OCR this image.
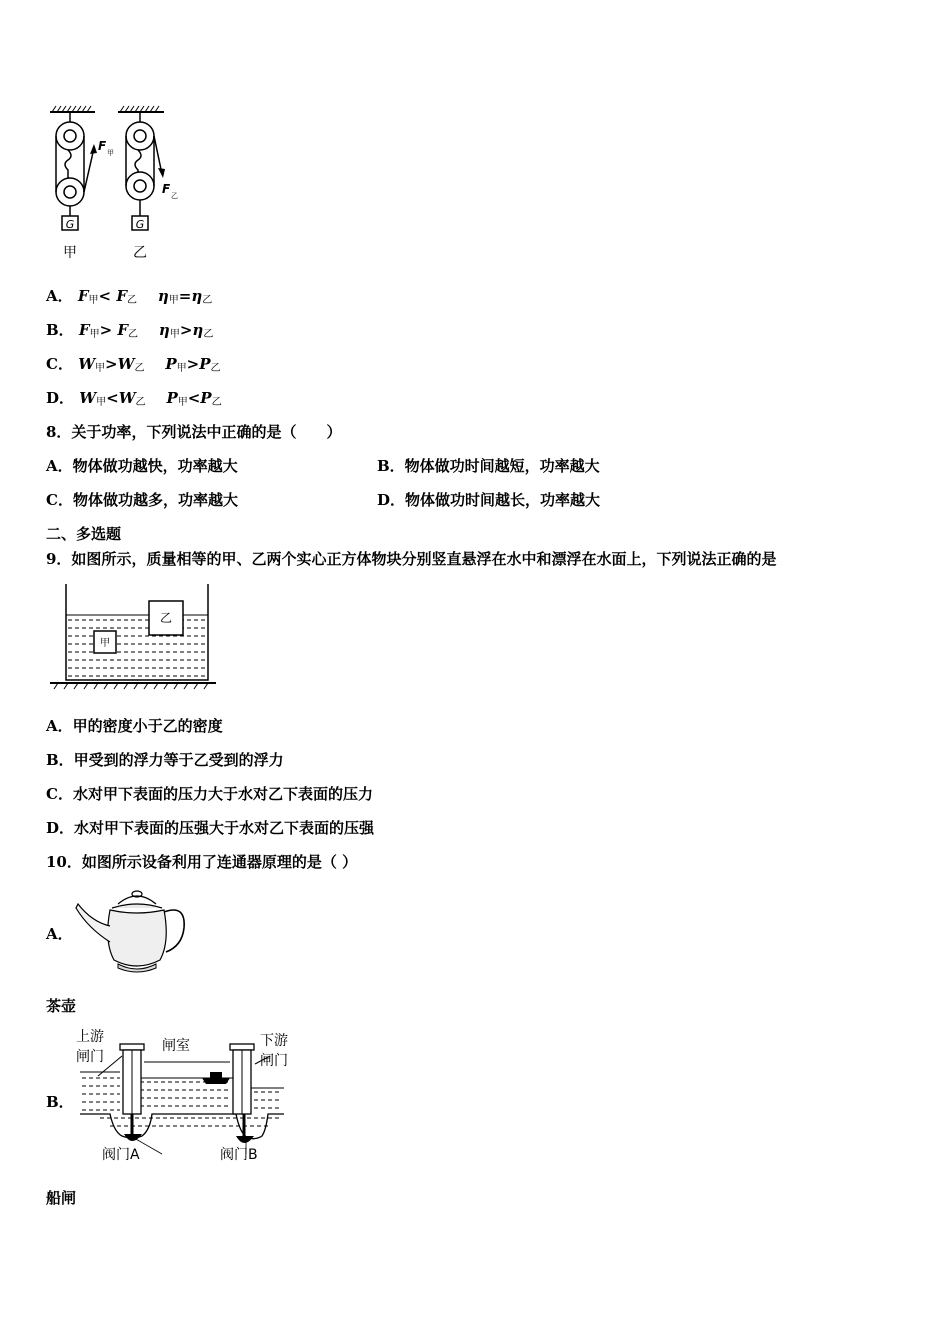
G
F 甲
G
F 乙
甲	乙
A． $F_甲< F_乙$ $\eta_甲=\eta_乙$
B． $F_甲> F_乙$ $\eta_甲>\eta_乙$
C． $W_甲>W_乙$ $P_甲>P_乙$
D． $W_甲<W_乙$ $P_甲<P_乙$
8．关于功率，下列说法中正确的是（　　）
A．物体做功越快，功率越大	B．物体做功时间越短，功率越大
C．物体做功越多，功率越大	D．物体做功时间越长，功率越大
二、多选题
9．如图所示，质量相等的甲、乙两个实心正方体物块分别竖直悬浮在水中和漂浮在水面上，下列说法正确的是
甲
乙
A．甲的密度小于乙的密度
B．甲受到的浮力等于乙受到的浮力
C．水对甲下表面的压力大于水对乙下表面的压力
D．水对甲下表面的压强大于水对乙下表面的压强
10．如图所示设备利用了连通器原理的是（ ）
A．
茶壶
B．
上游
闸门
闸室	下游
闸门
阀门A	阀门B
船闸
